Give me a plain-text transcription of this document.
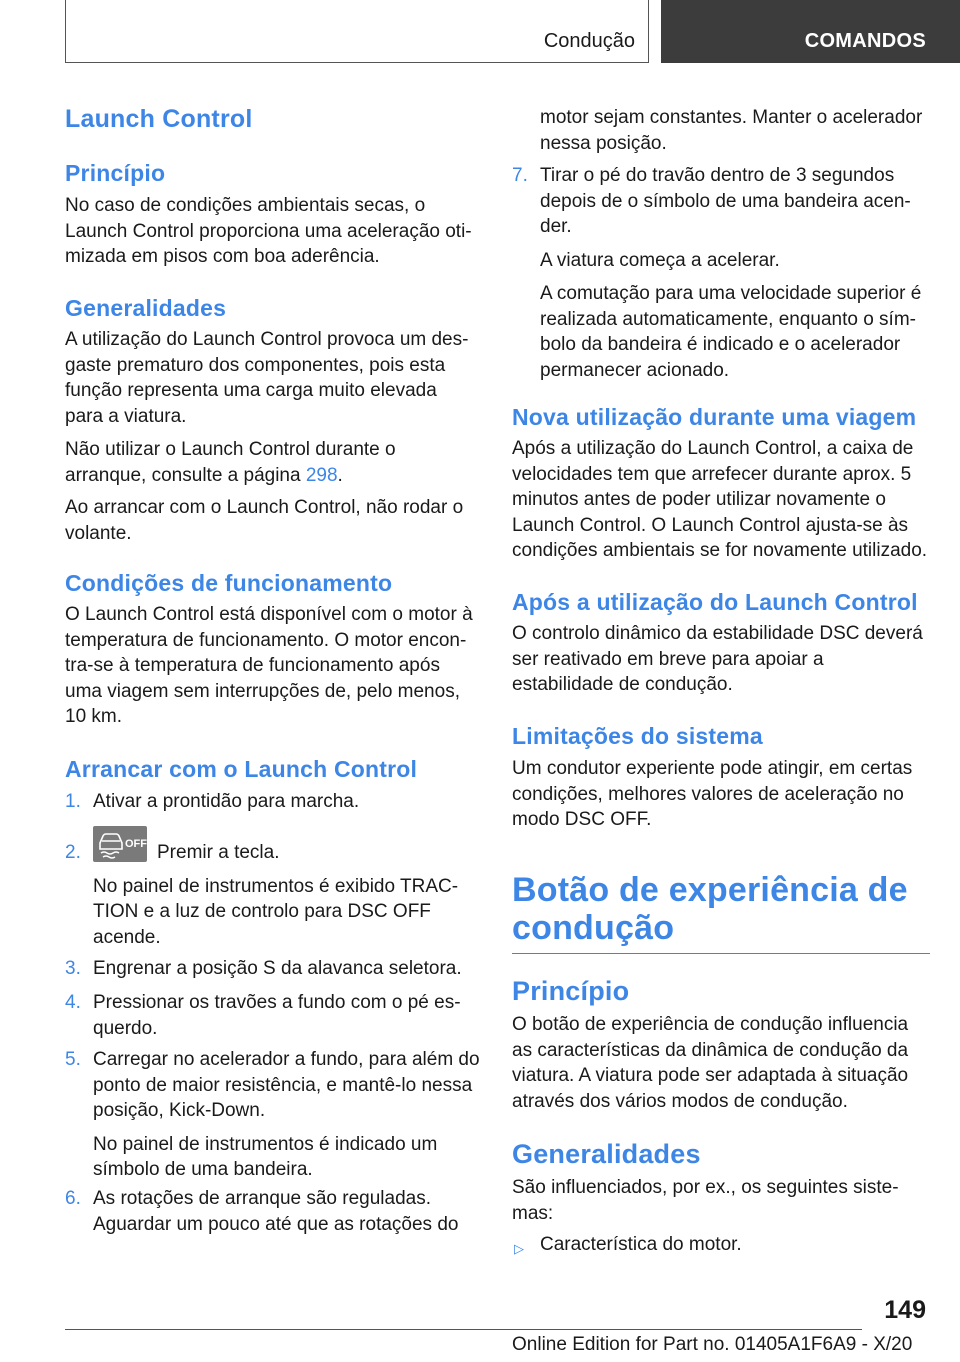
Condução	COMANDOS
Launch Control
Princípio

No caso de condições ambientais secas, o Launch Control proporciona uma aceleração oti-mizada em pisos com boa aderência.

Generalidades

A utilização do Launch Control provoca um des-gaste prematuro dos componentes, pois esta função representa uma carga muito elevada para a viatura.

Não utilizar o Launch Control durante o arranque, consulte a página 298.

Ao arrancar com o Launch Control, não rodar o volante.

Condições de funcionamento

O Launch Control está disponível com o motor à temperatura de funcionamento. O motor encon-tra-se à temperatura de funcionamento após uma viagem sem interrupções de, pelo menos, 10 km.

Arrancar com o Launch Control
1. Ativar a prontidão para marcha.

2.	OFF Premir a tecla.

No painel de instrumentos é exibido TRAC-TION e a luz de controlo para DSC OFF acende.

3. Engrenar a posição S da alavanca seletora.

4. Pressionar os travões a fundo com o pé es-querdo.

5. Carregar no acelerador a fundo, para além do ponto de maior resistência, e mantê-lo nessa posição, Kick-Down.

No painel de instrumentos é indicado um símbolo de uma bandeira.

6. As rotações de arranque são reguladas. Aguardar um pouco até que as rotações do

motor sejam constantes. Manter o acelerador nessa posição.

7. Tirar o pé do travão dentro de 3 segundos depois de o símbolo de uma bandeira acen-der.

A viatura começa a acelerar.

A comutação para uma velocidade superior é realizada automaticamente, enquanto o sím-bolo da bandeira é indicado e o acelerador permanecer acionado.

Nova utilização durante uma viagem

Após a utilização do Launch Control, a caixa de velocidades tem que arrefecer durante aprox. 5 minutos antes de poder utilizar novamente o Launch Control. O Launch Control ajusta-se às condições ambientais se for novamente utilizado.

Após a utilização do Launch Control

O controlo dinâmico da estabilidade DSC deverá ser reativado em breve para apoiar a estabilidade de condução.

Limitações do sistema

Um condutor experiente pode atingir, em certas condições, melhores valores de aceleração no modo DSC OFF.

Botão de experiência de condução
Princípio

O botão de experiência de condução influencia as características da dinâmica de condução da viatura. A viatura pode ser adaptada à situação através dos vários modos de condução.

Generalidades

São influenciados, por ex., os seguintes siste-mas:

▷ Característica do motor.

149
Online Edition for Part no. 01405A1F6A9 - X/20
